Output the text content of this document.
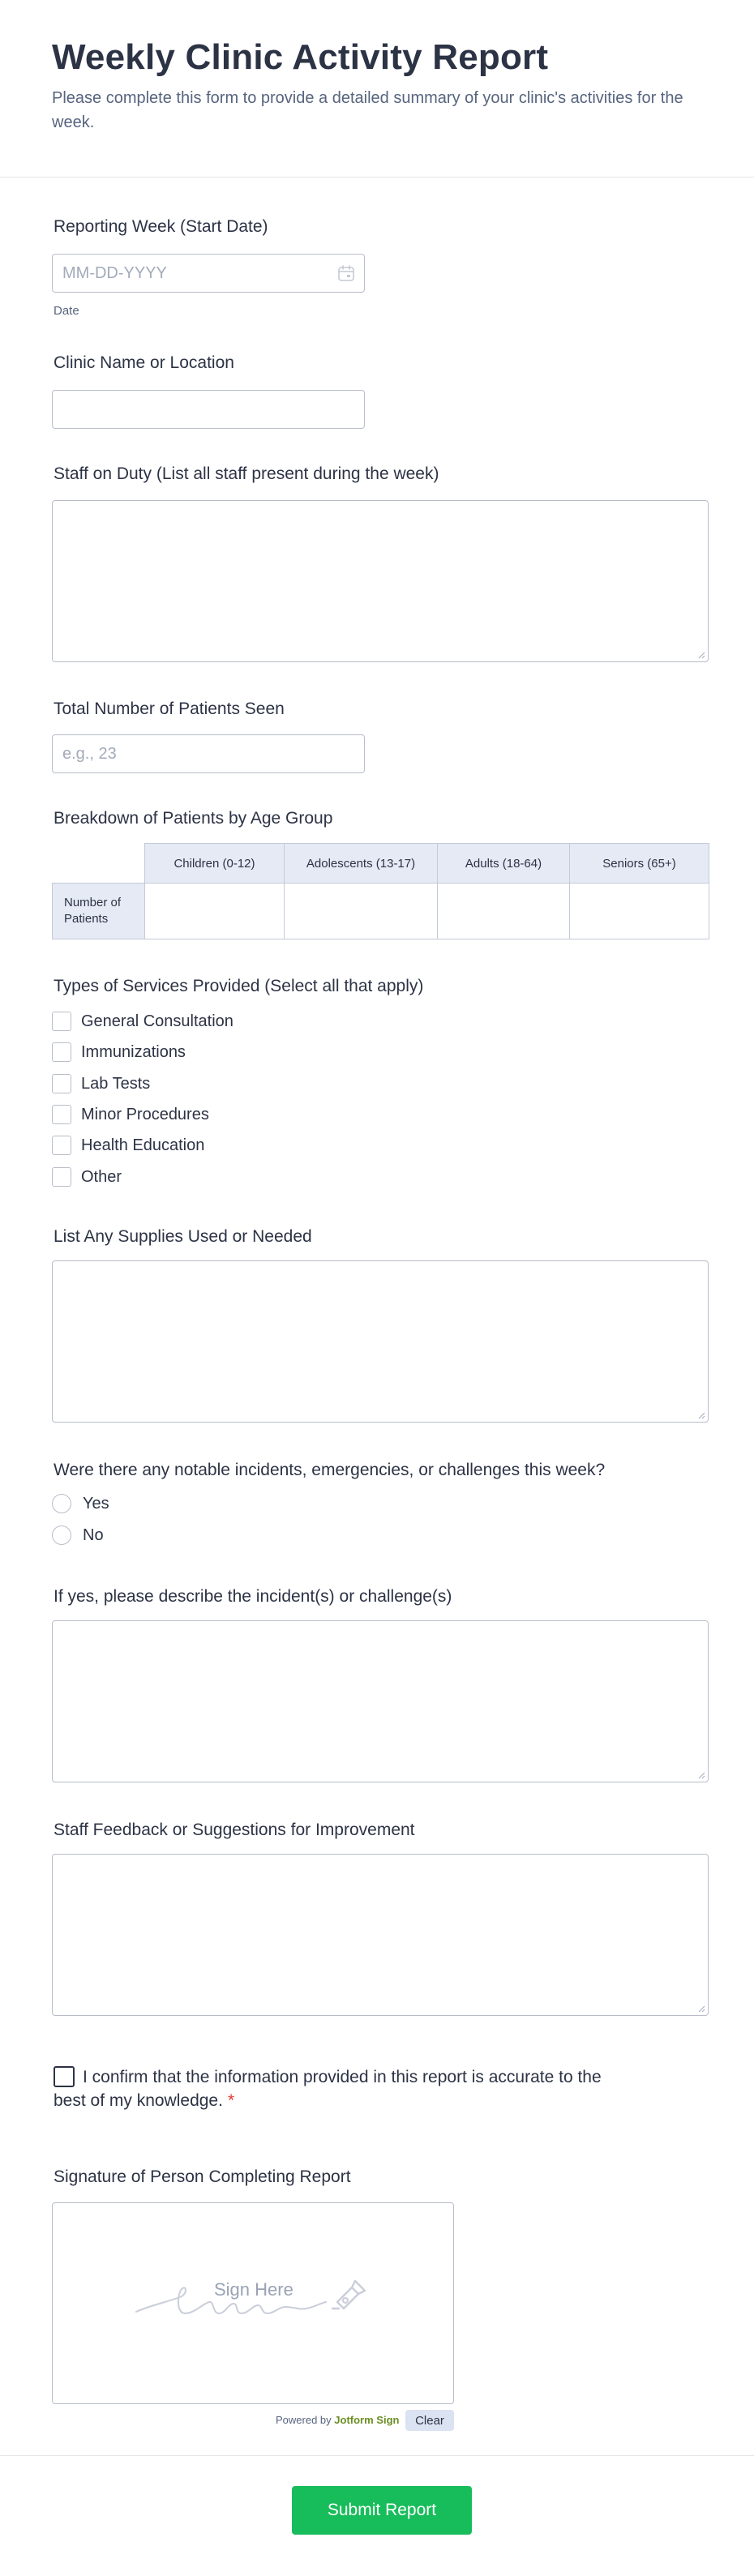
Weekly Clinic Activity Report

Please complete this form to provide a detailed summary of your clinic's activities for the week.

Reporting Week (Start Date)
MM-DD-YYYY
Date
Clinic Name or Location
Staff on Duty (List all staff present during the week)
Total Number of Patients Seen
e.g., 23
Breakdown of Patients by Age Group
Children (0-12)	Adolescents (13-17)	Adults (18-64)	Seniors (65+)
Number of Patients
Types of Services Provided (Select all that apply)
General Consultation
Immunizations
Lab Tests
Minor Procedures
Health Education
Other
List Any Supplies Used or Needed
Were there any notable incidents, emergencies, or challenges this week?
Yes
No
If yes, please describe the incident(s) or challenge(s)
Staff Feedback or Suggestions for Improvement
I confirm that the information provided in this report is accurate to the best of my knowledge. *
Signature of Person Completing Report
Sign Here
Powered by Jotform Sign	Clear
Submit Report
